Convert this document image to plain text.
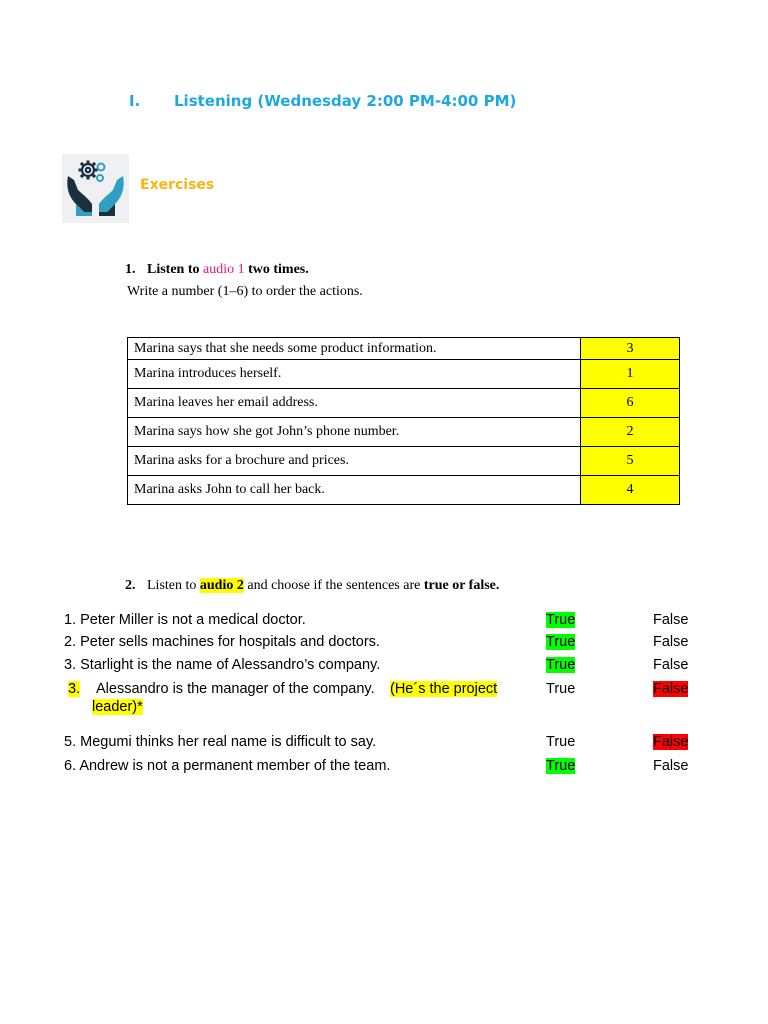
I. Listening (Wednesday 2:00 PM-4:00 PM)
Exercises
1. Listen to audio 1 two times.
Write a number (1–6) to order the actions.
Marina says that she needs some product information.	3
Marina introduces herself.	1
Marina leaves her email address.	6
Marina says how she got John’s phone number.	2
Marina asks for a brochure and prices.	5
Marina asks John to call her back.	4
2. Listen to audio 2 and choose if the sentences are true or false.
1. Peter Miller is not a medical doctor.	True	False
2. Peter sells machines for hospitals and doctors.	True	False
3. Starlight is the name of Alessandro’s company.	True	False
3. Alessandro is the manager of the company. (He´s the project
leader)*
True	False
5. Megumi thinks her real name is difficult to say.	True	False
6. Andrew is not a permanent member of the team.	True	False
